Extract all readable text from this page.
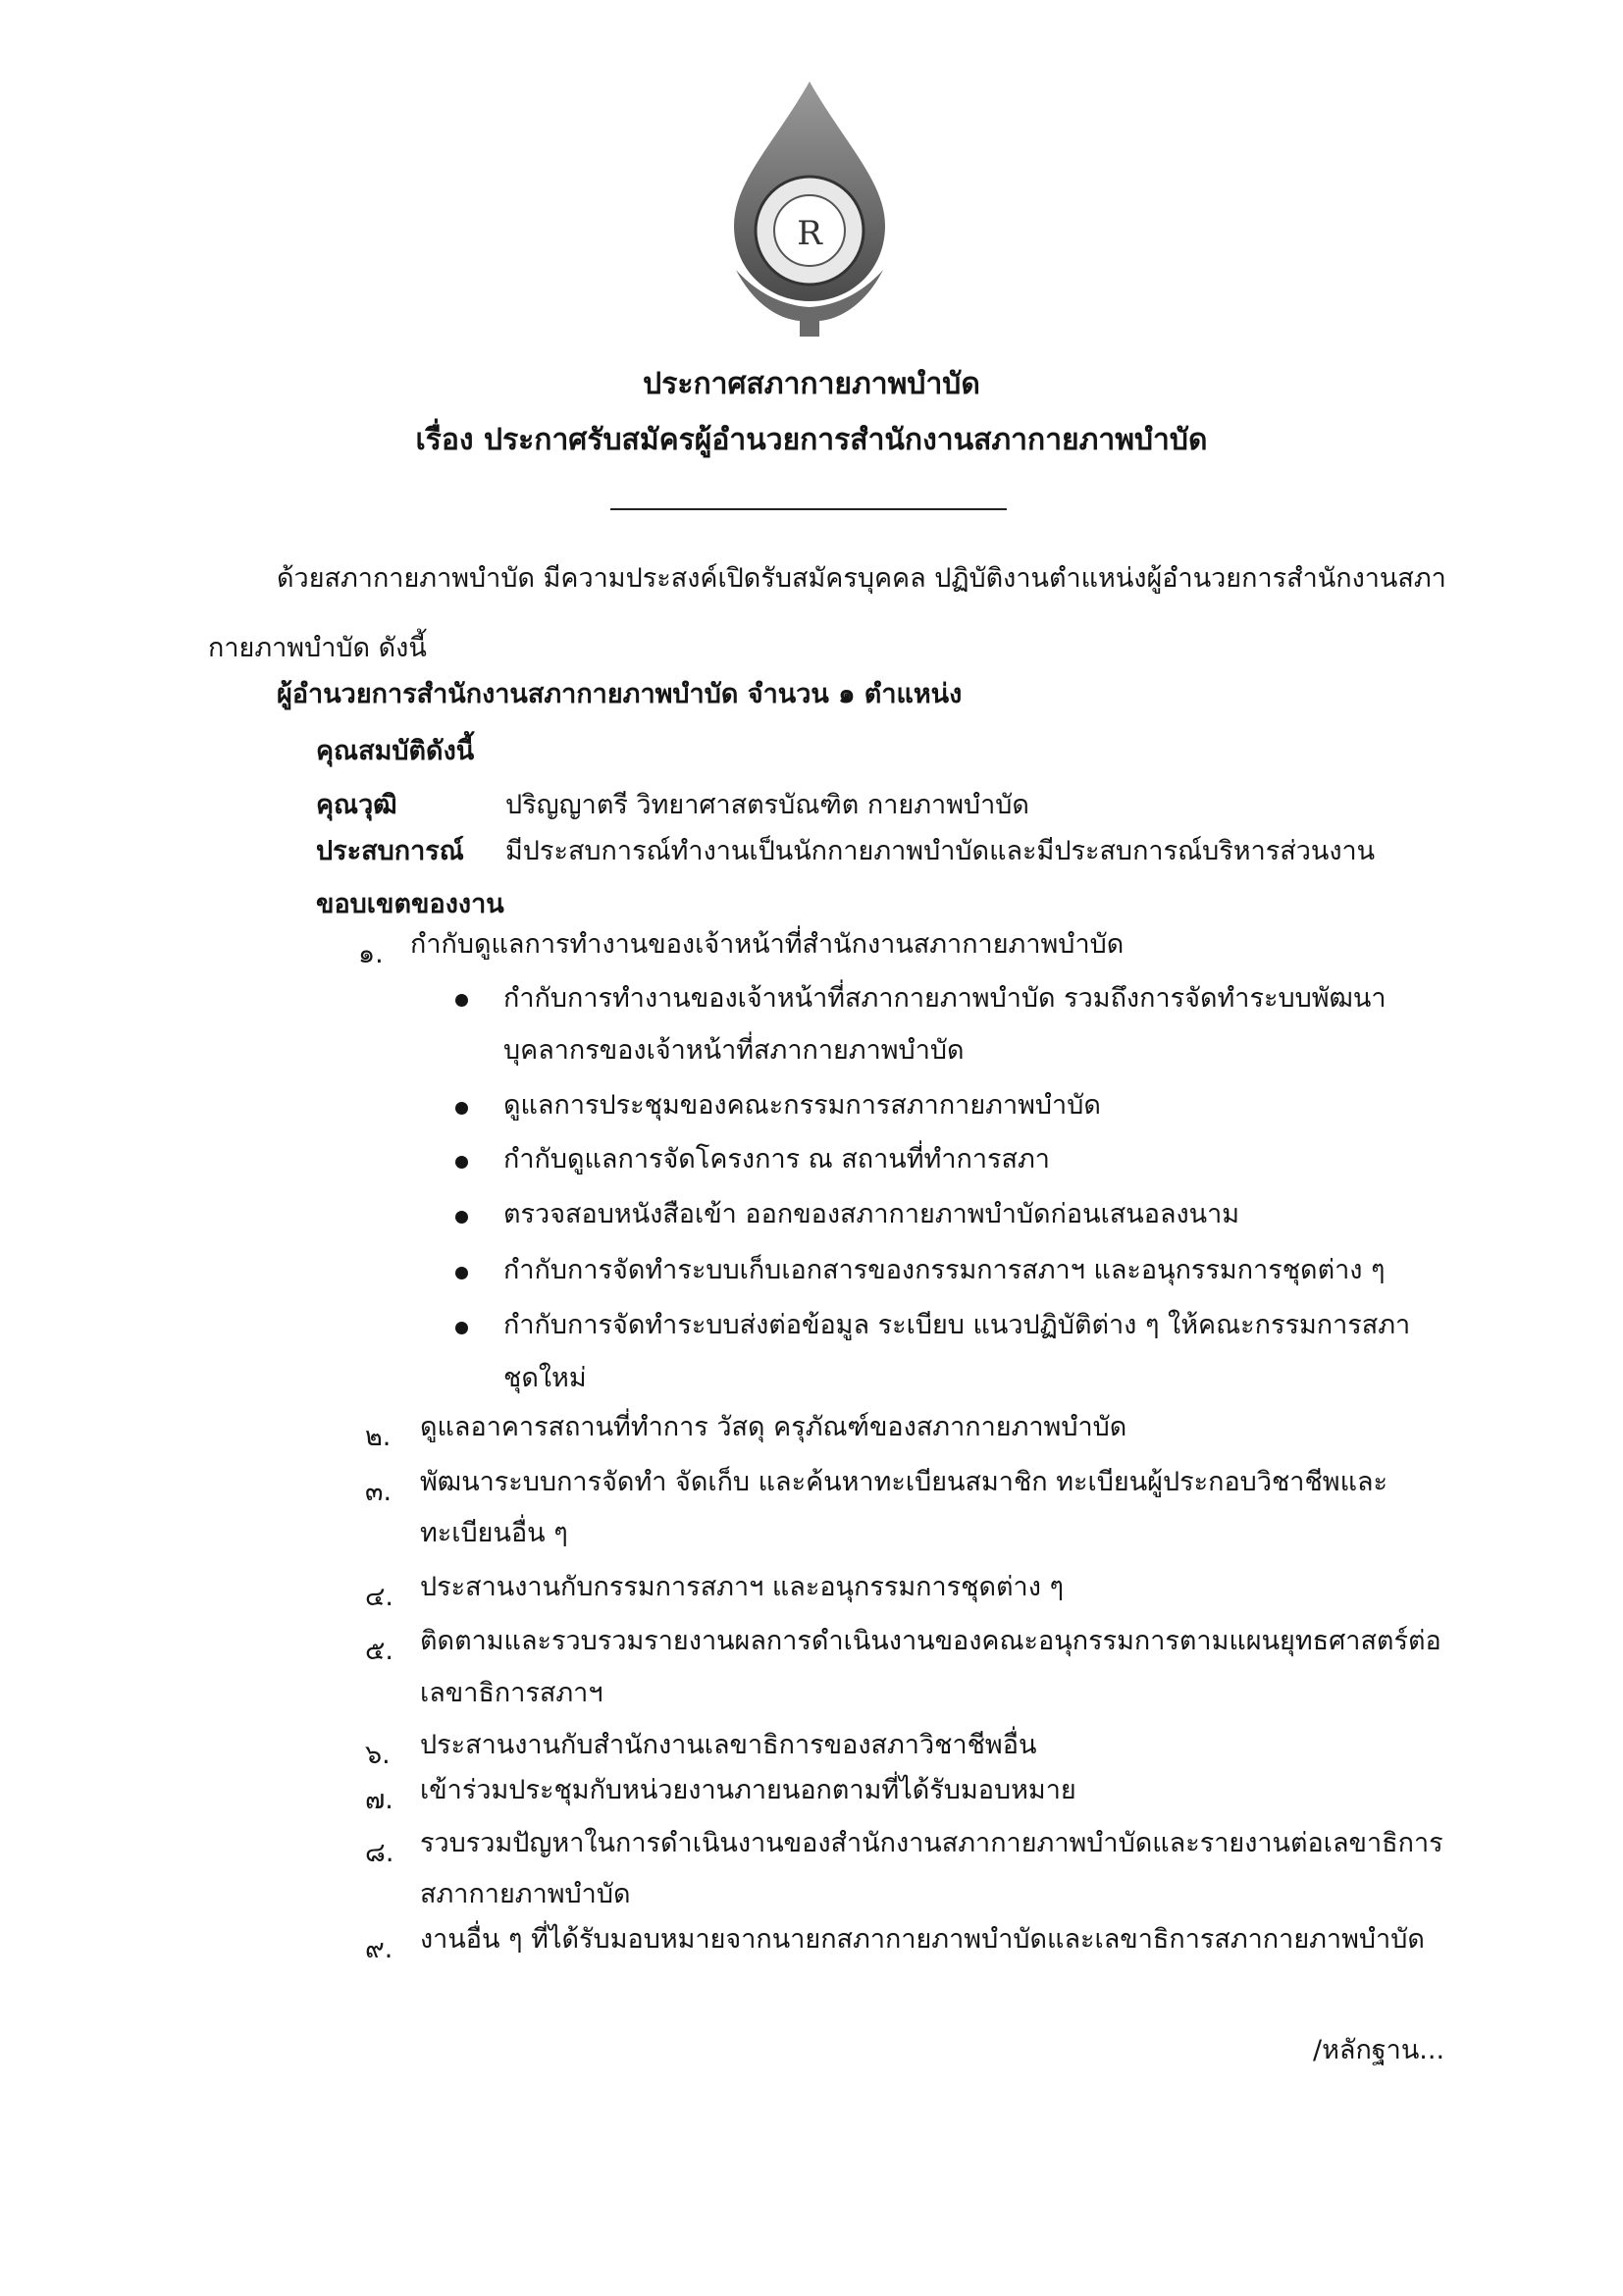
R
ประกาศสภากายภาพบำบัด
เรื่อง ประกาศรับสมัครผู้อำนวยการสำนักงานสภากายภาพบำบัด
ด้วยสภากายภาพบำบัด มีความประสงค์เปิดรับสมัครบุคคล ปฏิบัติงานตำแหน่งผู้อำนวยการสำนักงานสภา
กายภาพบำบัด ดังนี้
ผู้อำนวยการสำนักงานสภากายภาพบำบัด จำนวน ๑ ตำแหน่ง
คุณสมบัติดังนี้
คุณวุฒิ	ปริญญาตรี วิทยาศาสตรบัณฑิต กายภาพบำบัด
ประสบการณ์ มีประสบการณ์ทำงานเป็นนักกายภาพบำบัดและมีประสบการณ์บริหารส่วนงาน
ขอบเขตของงาน
๑. กำกับดูแลการทำงานของเจ้าหน้าที่สำนักงานสภากายภาพบำบัด
กำกับการทำงานของเจ้าหน้าที่สภากายภาพบำบัด รวมถึงการจัดทำระบบพัฒนา
บุคลากรของเจ้าหน้าที่สภากายภาพบำบัด
ดูแลการประชุมของคณะกรรมการสภากายภาพบำบัด
กำกับดูแลการจัดโครงการ ณ สถานที่ทำการสภา
ตรวจสอบหนังสือเข้า ออกของสภากายภาพบำบัดก่อนเสนอลงนาม
กำกับการจัดทำระบบเก็บเอกสารของกรรมการสภาฯ และอนุกรรมการชุดต่าง ๆ
กำกับการจัดทำระบบส่งต่อข้อมูล ระเบียบ แนวปฏิบัติต่าง ๆ ให้คณะกรรมการสภา
ชุดใหม่
๒. ดูแลอาคารสถานที่ทำการ วัสดุ ครุภัณฑ์ของสภากายภาพบำบัด
๓. พัฒนาระบบการจัดทำ จัดเก็บ และค้นหาทะเบียนสมาชิก ทะเบียนผู้ประกอบวิชาชีพและ
ทะเบียนอื่น ๆ
๔. ประสานงานกับกรรมการสภาฯ และอนุกรรมการชุดต่าง ๆ
๕. ติดตามและรวบรวมรายงานผลการดำเนินงานของคณะอนุกรรมการตามแผนยุทธศาสตร์ต่อ
เลขาธิการสภาฯ
๖. ประสานงานกับสำนักงานเลขาธิการของสภาวิชาชีพอื่น
๗. เข้าร่วมประชุมกับหน่วยงานภายนอกตามที่ได้รับมอบหมาย
๘. รวบรวมปัญหาในการดำเนินงานของสำนักงานสภากายภาพบำบัดและรายงานต่อเลขาธิการ
สภากายภาพบำบัด
๙. งานอื่น ๆ ที่ได้รับมอบหมายจากนายกสภากายภาพบำบัดและเลขาธิการสภากายภาพบำบัด
/หลักฐาน...
